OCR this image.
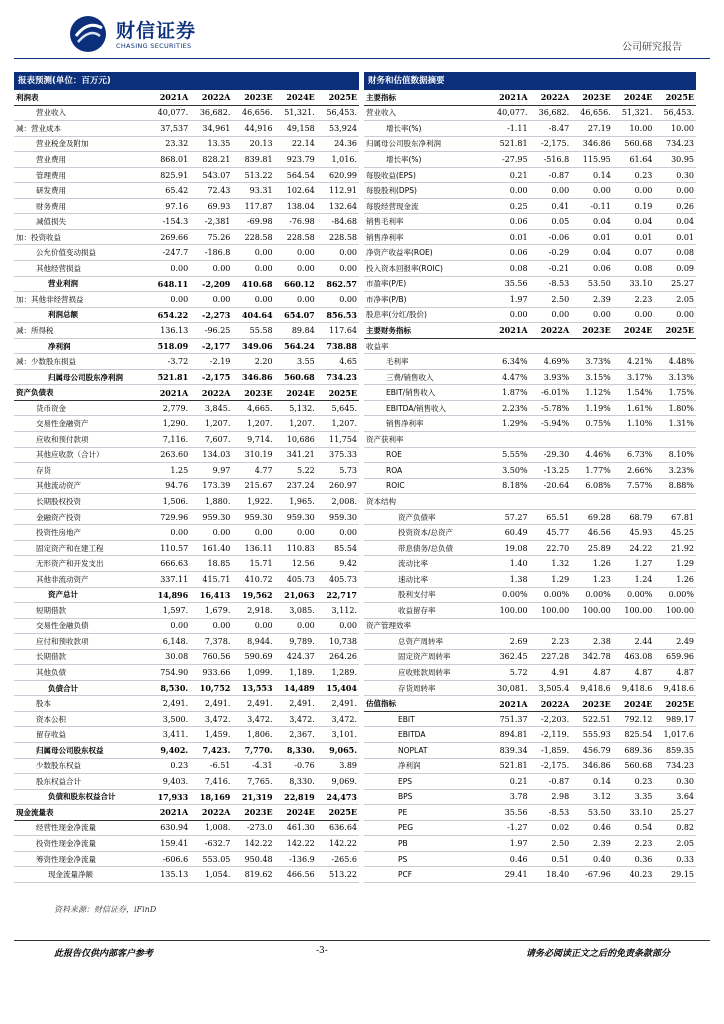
财信证券
CHASING SECURITIES	公司研究报告
报表预测(单位：百万元)
利润表	2021A	2022A	2023E	2024E	2025E
营业收入	40,077.	36,682.	46,656.	51,321.	56,453.
减：营业成本	37,537	34,961	44,916	49,158	53,924
营业税金及附加	23.32	13.35	20.13	22.14	24.36
营业费用	868.01	828.21	839.81	923.79	1,016.
管理费用	825.91	543.07	513.22	564.54	620.99
研发费用	65.42	72.43	93.31	102.64	112.91
财务费用	97.16	69.93	117.87	138.04	132.64
减值损失	-154.3	-2,381	-69.98	-76.98	-84.68
加：投资收益	269.66	75.26	228.58	228.58	228.58
公允价值变动损益	-247.7	-186.8	0.00	0.00	0.00
其他经营损益	0.00	0.00	0.00	0.00	0.00
营业利润	648.11	-2,209	410.68	660.12	862.57
加：其他非经营损益	0.00	0.00	0.00	0.00	0.00
利润总额	654.22	-2,273	404.64	654.07	856.53
减：所得税	136.13	-96.25	55.58	89.84	117.64
净利润	518.09	-2,177	349.06	564.24	738.88
减：少数股东损益	-3.72	-2.19	2.20	3.55	4.65
归属母公司股东净利润	521.81	-2,175	346.86	560.68	734.23
资产负债表	2021A	2022A	2023E	2024E	2025E
货币资金	2,779.	3,845.	4,665.	5,132.	5,645.
交易性金融资产	1,290.	1,207.	1,207.	1,207.	1,207.
应收和预付款项	7,116.	7,607.	9,714.	10,686	11,754
其他应收款（合计）	263.60	134.03	310.19	341.21	375.33
存货	1.25	9.97	4.77	5.22	5.73
其他流动资产	94.76	173.39	215.67	237.24	260.97
长期股权投资	1,506.	1,880.	1,922.	1,965.	2,008.
金融资产投资	729.96	959.30	959.30	959.30	959.30
投资性房地产	0.00	0.00	0.00	0.00	0.00
固定资产和在建工程	110.57	161.40	136.11	110.83	85.54
无形资产和开发支出	666.63	18.85	15.71	12.56	9.42
其他非流动资产	337.11	415.71	410.72	405.73	405.73
资产总计	14,896	16,413	19,562	21,063	22,717
短期借款	1,597.	1,679.	2,918.	3,085.	3,112.
交易性金融负债	0.00	0.00	0.00	0.00	0.00
应付和预收款项	6,148.	7,378.	8,944.	9,789.	10,738
长期借款	30.08	760.56	590.69	424.37	264.26
其他负债	754.90	933.66	1,099.	1,189.	1,289.
负债合计	8,530.	10,752	13,553	14,489	15,404
股本	2,491.	2,491.	2,491.	2,491.	2,491.
资本公积	3,500.	3,472.	3,472.	3,472.	3,472.
留存收益	3,411.	1,459.	1,806.	2,367.	3,101.
归属母公司股东权益	9,402.	7,423.	7,770.	8,330.	9,065.
少数股东权益	0.23	-6.51	-4.31	-0.76	3.89
股东权益合计	9,403.	7,416.	7,765.	8,330.	9,069.
负债和股东权益合计	17,933	18,169	21,319	22,819	24,473
现金流量表	2021A	2022A	2023E	2024E	2025E
经营性现金净流量	630.94	1,008.	-273.0	461.30	636.64
投资性现金净流量	159.41	-632.7	142.22	142.22	142.22
筹资性现金净流量	-606.6	553.05	950.48	-136.9	-265.6
现金流量净额	135.13	1,054.	819.62	466.56	513.22
财务和估值数据摘要
主要指标	2021A	2022A	2023E	2024E	2025E
营业收入	40,077.	36,682.	46,656.	51,321.	56,453.
增长率(%)	-1.11	-8.47	27.19	10.00	10.00
归属母公司股东净利润	521.81	-2,175.	346.86	560.68	734.23
增长率(%)	-27.95	-516.8	115.95	61.64	30.95
每股收益(EPS)	0.21	-0.87	0.14	0.23	0.30
每股股利(DPS)	0.00	0.00	0.00	0.00	0.00
每股经营现金流	0.25	0.41	-0.11	0.19	0.26
销售毛利率	0.06	0.05	0.04	0.04	0.04
销售净利率	0.01	-0.06	0.01	0.01	0.01
净资产收益率(ROE)	0.06	-0.29	0.04	0.07	0.08
投入资本回报率(ROIC)	0.08	-0.21	0.06	0.08	0.09
市盈率(P/E)	35.56	-8.53	53.50	33.10	25.27
市净率(P/B)	1.97	2.50	2.39	2.23	2.05
股息率(分红/股价)	0.00	0.00	0.00	0.00	0.00
主要财务指标	2021A	2022A	2023E	2024E	2025E
收益率					
毛利率	6.34%	4.69%	3.73%	4.21%	4.48%
三费/销售收入	4.47%	3.93%	3.15%	3.17%	3.13%
EBIT/销售收入	1.87%	-6.01%	1.12%	1.54%	1.75%
EBITDA/销售收入	2.23%	-5.78%	1.19%	1.61%	1.80%
销售净利率	1.29%	-5.94%	0.75%	1.10%	1.31%
资产获利率					
ROE	5.55%	-29.30	4.46%	6.73%	8.10%
ROA	3.50%	-13.25	1.77%	2.66%	3.23%
ROIC	8.18%	-20.64	6.08%	7.57%	8.88%
资本结构					
资产负债率	57.27	65.51	69.28	68.79	67.81
投资资本/总资产	60.49	45.77	46.56	45.93	45.25
带息债务/总负债	19.08	22.70	25.89	24.22	21.92
流动比率	1.40	1.32	1.26	1.27	1.29
速动比率	1.38	1.29	1.23	1.24	1.26
股利支付率	0.00%	0.00%	0.00%	0.00%	0.00%
收益留存率	100.00	100.00	100.00	100.00	100.00
资产管理效率					
总资产周转率	2.69	2.23	2.38	2.44	2.49
固定资产周转率	362.45	227.28	342.78	463.08	659.96
应收账款周转率	5.72	4.91	4.87	4.87	4.87
存货周转率	30,081.	3,505.4	9,418.6	9,418.6	9,418.6
估值指标	2021A	2022A	2023E	2024E	2025E
EBIT	751.37	-2,203.	522.51	792.12	989.17
EBITDA	894.81	-2,119.	555.93	825.54	1,017.6
NOPLAT	839.34	-1,859.	456.79	689.36	859.35
净利润	521.81	-2,175.	346.86	560.68	734.23
EPS	0.21	-0.87	0.14	0.23	0.30
BPS	3.78	2.98	3.12	3.35	3.64
PE	35.56	-8.53	53.50	33.10	25.27
PEG	-1.27	0.02	0.46	0.54	0.82
PB	1.97	2.50	2.39	2.23	2.05
PS	0.46	0.51	0.40	0.36	0.33
PCF	29.41	18.40	-67.96	40.23	29.15
资料来源：财信证券，iFinD
此报告仅供内部客户参考	-3-	请务必阅读正文之后的免责条款部分
